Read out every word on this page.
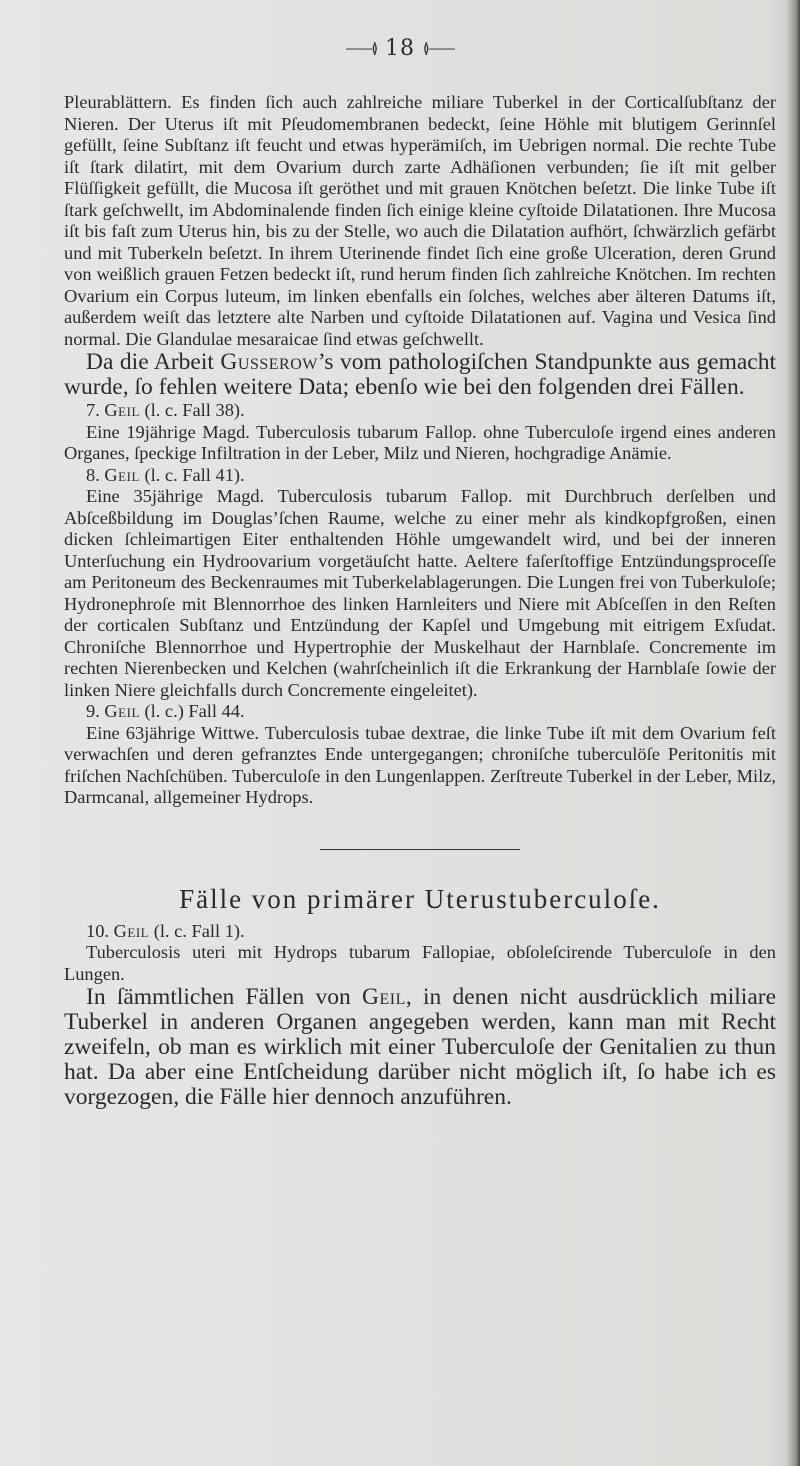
——≬ 18 ≬——

Pleurablättern. Es finden ſich auch zahlreiche miliare Tuberkel in der Corticalſubſtanz der Nieren. Der Uterus iſt mit Pſeudomembranen bedeckt, ſeine Höhle mit blutigem Gerinnſel gefüllt, ſeine Subſtanz iſt feucht und etwas hyperämiſch, im Uebrigen normal. Die rechte Tube iſt ſtark dilatirt, mit dem Ovarium durch zarte Adhäſionen verbunden; ſie iſt mit gelber Flüſſigkeit gefüllt, die Mucosa iſt geröthet und mit grauen Knötchen beſetzt. Die linke Tube iſt ſtark geſchwellt, im Abdominalende finden ſich einige kleine cyſtoide Dilatationen. Ihre Mucosa iſt bis faſt zum Uterus hin, bis zu der Stelle, wo auch die Dilatation aufhört, ſchwärzlich gefärbt und mit Tuberkeln beſetzt. In ihrem Uterinende findet ſich eine große Ulceration, deren Grund von weißlich grauen Fetzen bedeckt iſt, rund herum finden ſich zahlreiche Knötchen. Im rechten Ovarium ein Corpus luteum, im linken ebenfalls ein ſolches, welches aber älteren Datums iſt, außerdem weiſt das letztere alte Narben und cyſtoide Dilatationen auf. Vagina und Vesica ſind normal. Die Glandulae mesaraicae ſind etwas geſchwellt.

Da die Arbeit Gusserow’s vom pathologiſchen Standpunkte aus gemacht wurde, ſo fehlen weitere Data; ebenſo wie bei den folgenden drei Fällen.

7. Geil (l. c. Fall 38).

Eine 19jährige Magd. Tuberculosis tubarum Fallop. ohne Tuberculoſe irgend eines anderen Organes, ſpeckige Infiltration in der Leber, Milz und Nieren, hochgradige Anämie.

8. Geil (l. c. Fall 41).

Eine 35jährige Magd. Tuberculosis tubarum Fallop. mit Durchbruch derſelben und Abſceßbildung im Douglas’ſchen Raume, welche zu einer mehr als kindkopfgroßen, einen dicken ſchleimartigen Eiter enthaltenden Höhle umgewandelt wird, und bei der inneren Unterſuchung ein Hydroovarium vorgetäuſcht hatte. Aeltere faſerſtoffige Entzündungsproceſſe am Peritoneum des Beckenraumes mit Tuberkelablagerungen. Die Lungen frei von Tuberkuloſe; Hydronephroſe mit Blennorrhoe des linken Harnleiters und Niere mit Abſceſſen in den Reſten der corticalen Subſtanz und Entzündung der Kapſel und Umgebung mit eitrigem Exſudat. Chroniſche Blennorrhoe und Hypertrophie der Muskelhaut der Harnblaſe. Concremente im rechten Nierenbecken und Kelchen (wahrſcheinlich iſt die Erkrankung der Harnblaſe ſowie der linken Niere gleichfalls durch Concremente eingeleitet).

9. Geil (l. c.) Fall 44.

Eine 63jährige Wittwe. Tuberculosis tubae dextrae, die linke Tube iſt mit dem Ovarium feſt verwachſen und deren gefranztes Ende untergegangen; chroniſche tuberculöſe Peritonitis mit friſchen Nachſchüben. Tuberculoſe in den Lungenlappen. Zerſtreute Tuberkel in der Leber, Milz, Darmcanal, allgemeiner Hydrops.

Fälle von primärer Uterustuberculoſe.

10. Geil (l. c. Fall 1).

Tuberculosis uteri mit Hydrops tubarum Fallopiae, obſoleſcirende Tuberculoſe in den Lungen.

In ſämmtlichen Fällen von Geil, in denen nicht ausdrücklich miliare Tuberkel in anderen Organen angegeben werden, kann man mit Recht zweifeln, ob man es wirklich mit einer Tuberculoſe der Genitalien zu thun hat. Da aber eine Entſcheidung darüber nicht möglich iſt, ſo habe ich es vorgezogen, die Fälle hier dennoch anzuführen.
